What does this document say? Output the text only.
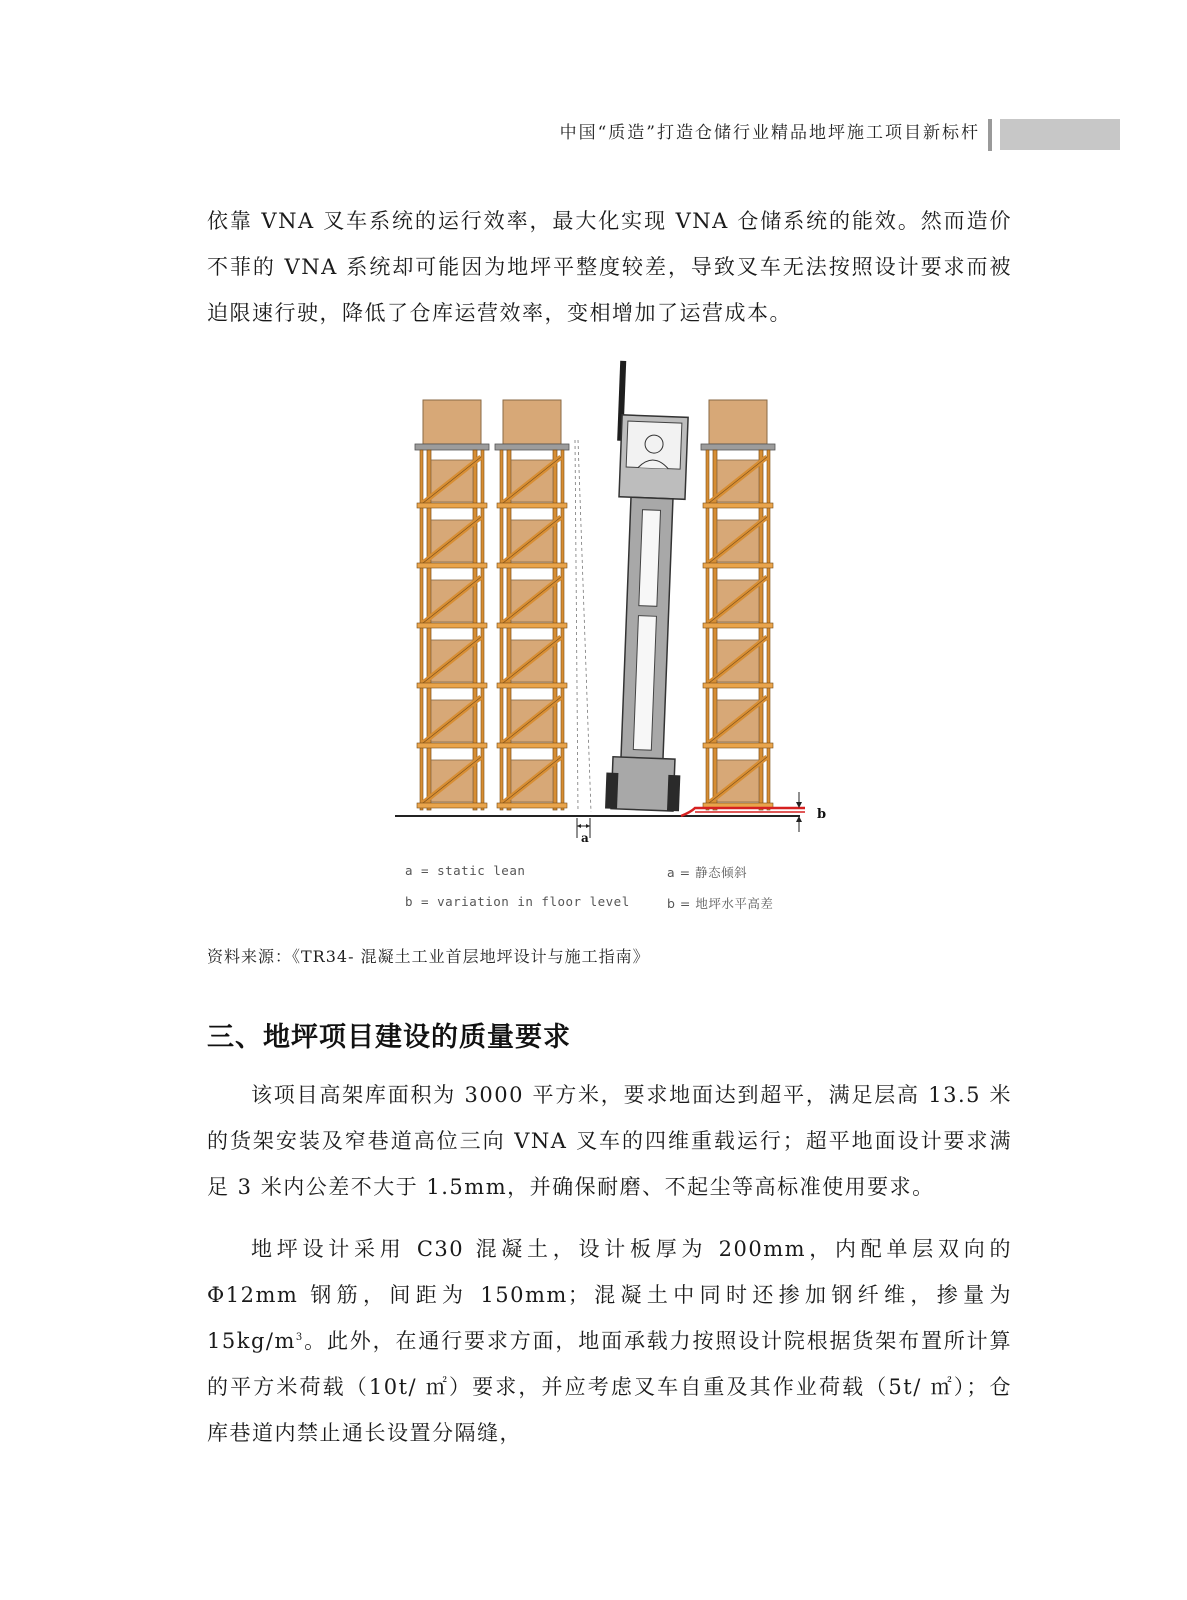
中国“质造”打造仓储行业精品地坪施工项目新标杆

依靠 VNA 叉车系统的运行效率，最大化实现 VNA 仓储系统的能效。然而造价不菲的 VNA 系统却可能因为地坪平整度较差，导致叉车无法按照设计要求而被迫限速行驶，降低了仓库运营效率，变相增加了运营成本。

b
a
a = static lean
b = variation in floor level
a = 静态倾斜
b = 地坪水平高差
资料来源：《TR34- 混凝土工业首层地坪设计与施工指南》
三、地坪项目建设的质量要求

该项目高架库面积为 3000 平方米，要求地面达到超平，满足层高 13.5 米的货架安装及窄巷道高位三向 VNA 叉车的四维重载运行；超平地面设计要求满足 3 米内公差不大于 1.5mm，并确保耐磨、不起尘等高标准使用要求。

地坪设计采用 C30 混凝土，设计板厚为 200mm，内配单层双向的 Φ12mm 钢筋，间距为 150mm；混凝土中同时还掺加钢纤维，掺量为 $15kg/m^3$。此外，在通行要求方面，地面承载力按照设计院根据货架布置所计算的平方米荷载（10t/ ㎡）要求，并应考虑叉车自重及其作业荷载（5t/ ㎡）；仓库巷道内禁止通长设置分隔缝，
